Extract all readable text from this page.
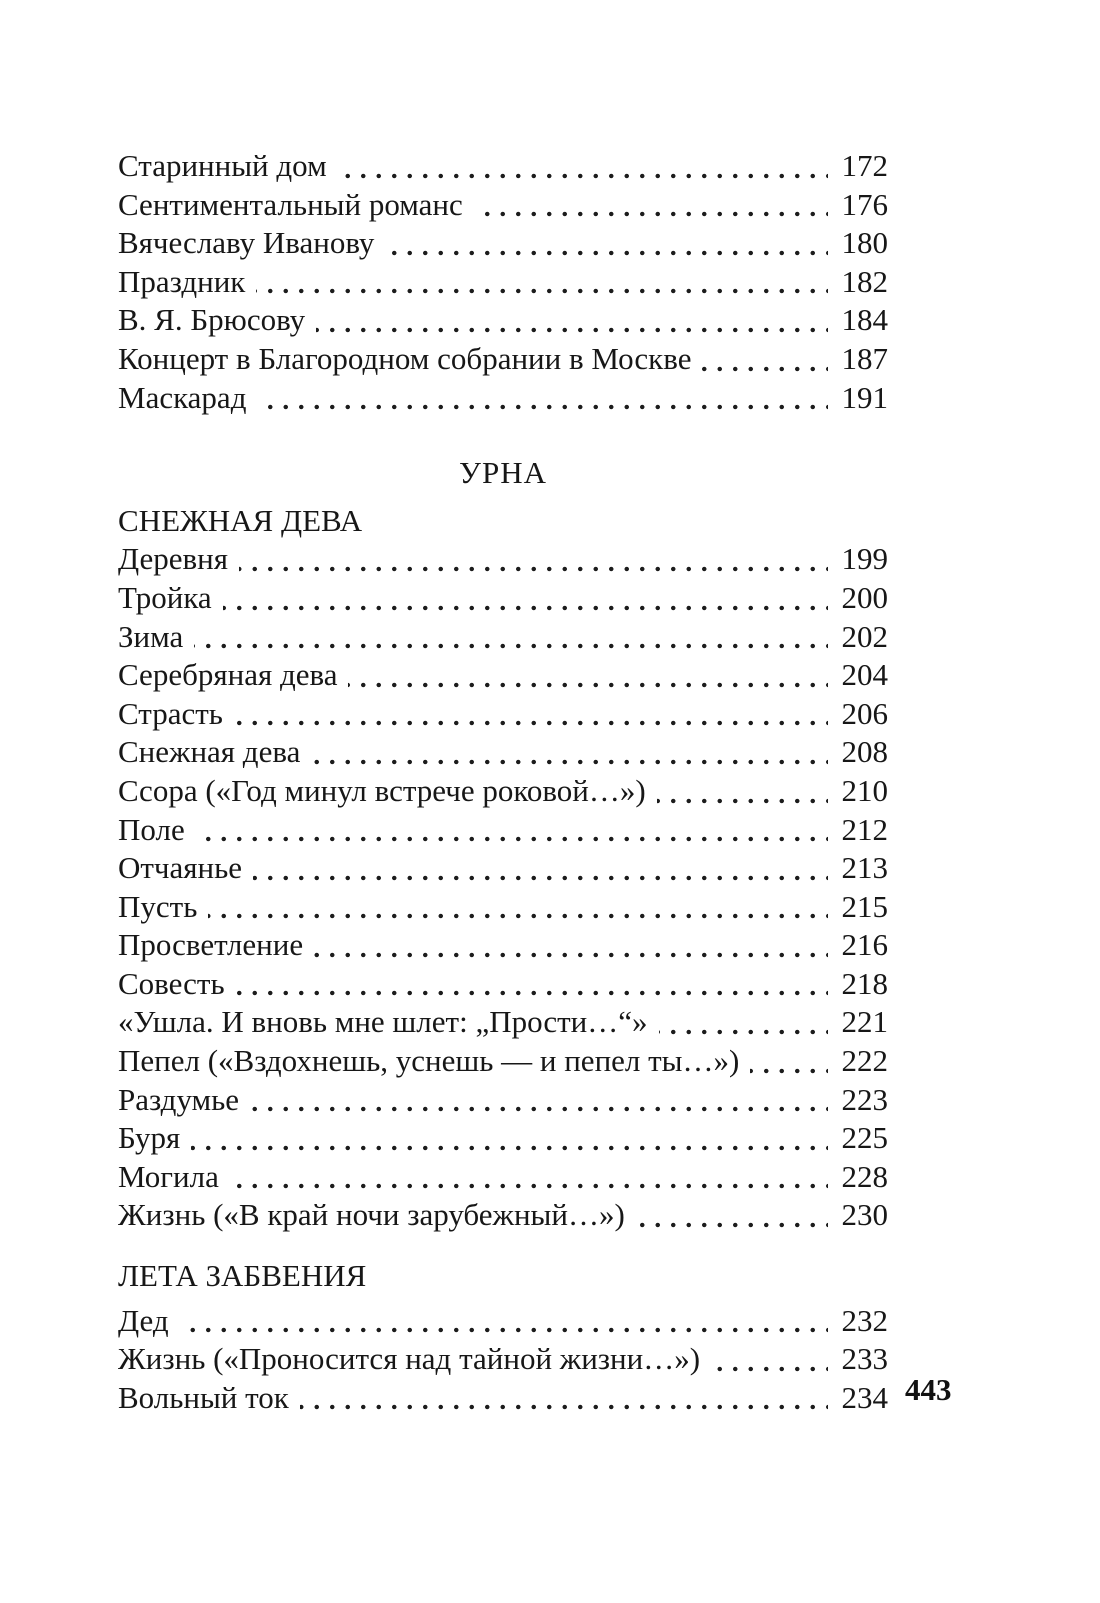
Старинный дом	172
Сентиментальный романс	176
Вячеславу Иванову	180
Праздник	182
В. Я. Брюсову	184
Концерт в Благородном собрании в Москве	187
Маскарад	191
УРНА
СНЕЖНАЯ ДЕВА
Деревня	199
Тройка	200
Зима	202
Серебряная дева	204
Страсть	206
Снежная дева	208
Ссора («Год минул встрече роковой…»)	210
Поле	212
Отчаянье	213
Пусть	215
Просветление	216
Совесть	218
«Ушла. И вновь мне шлет: „Прости…“»	221
Пепел («Вздохнешь, уснешь — и пепел ты…»)	222
Раздумье	223
Буря	225
Могила	228
Жизнь («В край ночи зарубежный…»)	230
ЛЕТА ЗАБВЕНИЯ
Дед	232
Жизнь («Проносится над тайной жизни…»)	233
Вольный ток	234 443
